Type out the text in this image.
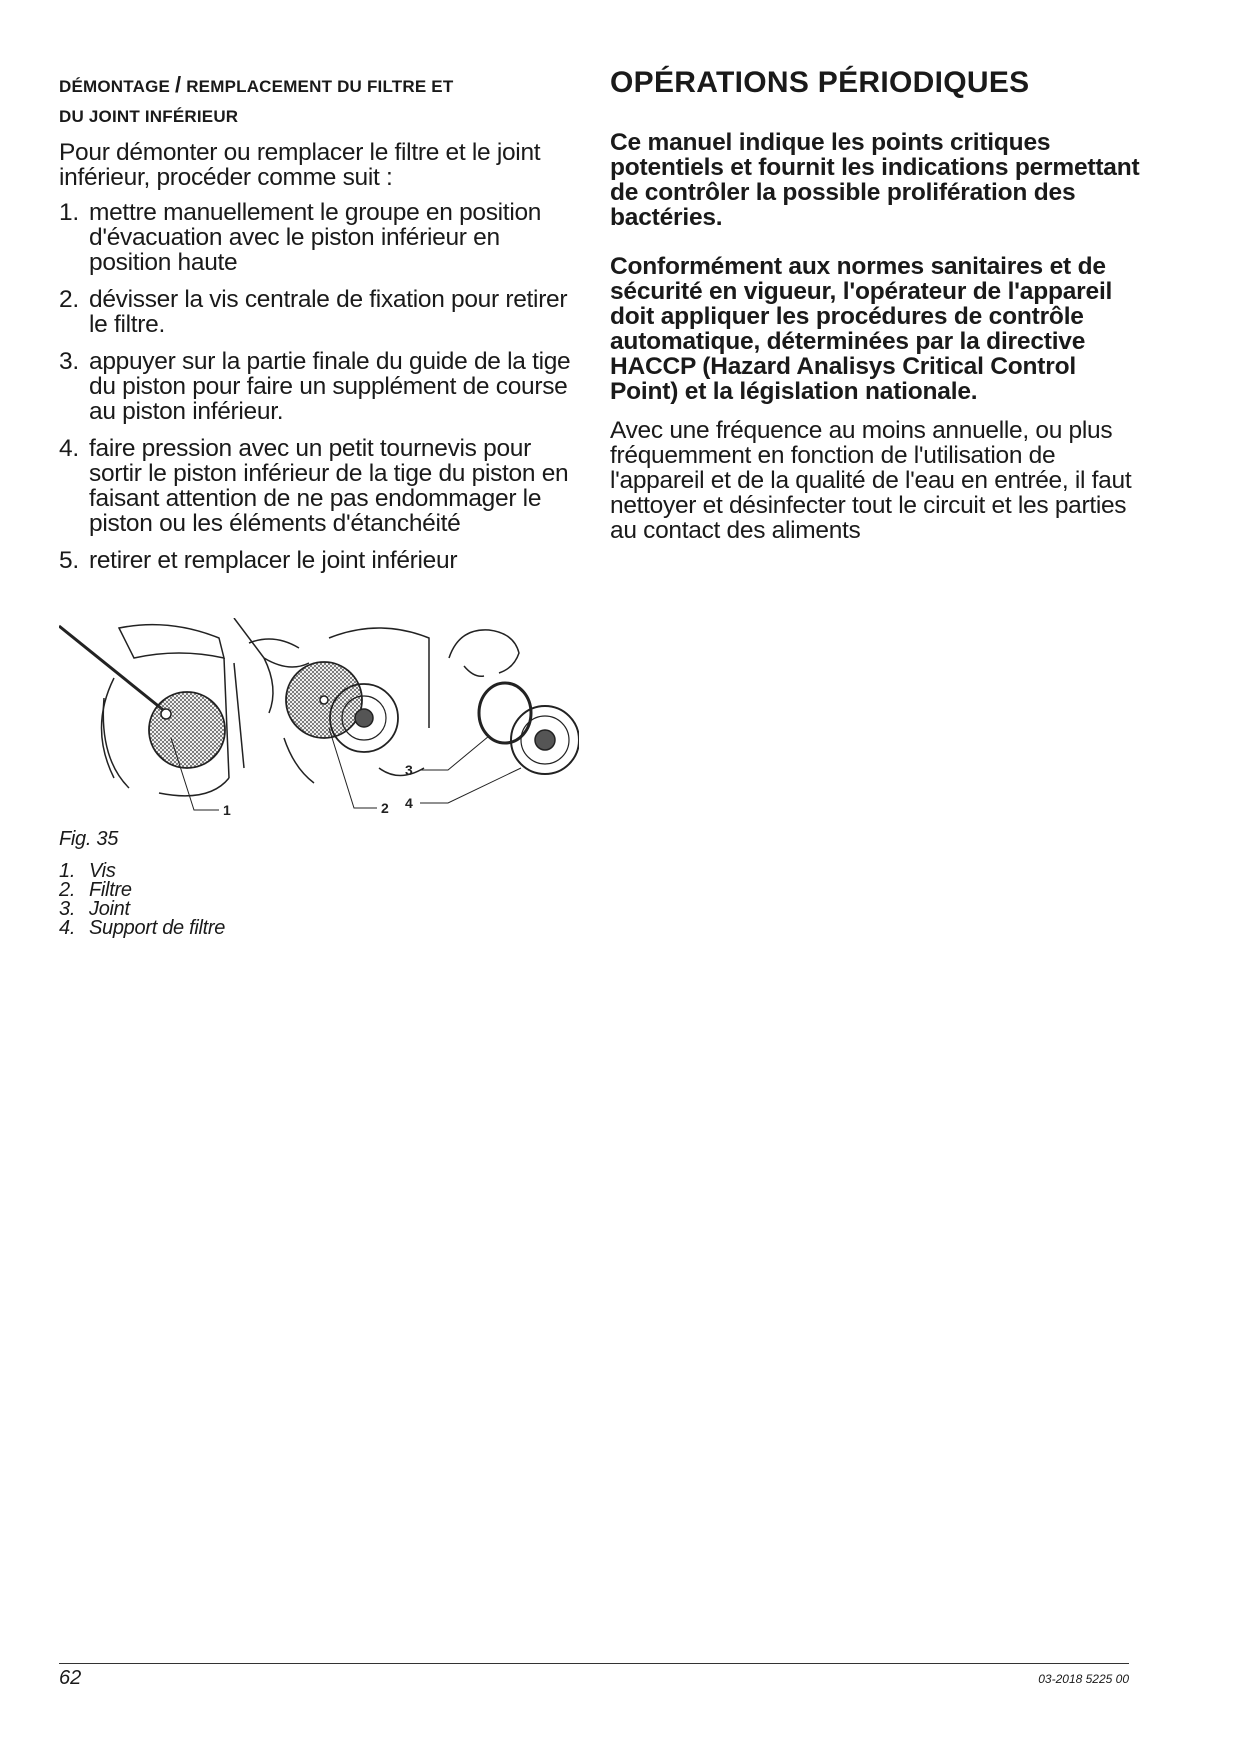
DÉMONTAGE / REMPLACEMENT DU FILTRE ET
DU JOINT INFÉRIEUR

Pour démonter ou remplacer le filtre et le joint inférieur, procéder comme suit :

1. mettre manuellement le groupe en position d'évacuation avec le piston inférieur en position haute
2. dévisser la vis centrale de fixation pour retirer le filtre.
3. appuyer sur la partie finale du guide de la tige du piston pour faire un supplément de course au piston inférieur.
4. faire pression avec un petit tournevis pour sortir le piston inférieur de la tige du piston en faisant attention de ne pas endommager le piston ou les éléments d'étanchéité
5. retirer et remplacer le joint inférieur
1	2
3
4
Fig. 35
1. Vis
2. Filtre
3. Joint
4. Support de filtre
OPÉRATIONS PÉRIODIQUES

Ce manuel indique les points critiques potentiels et fournit les indications permettant de contrôler la possible prolifération des bactéries.

Conformément aux normes sanitaires et de sécurité en vigueur, l'opérateur de l'appareil doit appliquer les procédures de contrôle automatique, déterminées par la directive HACCP (Hazard Analisys Critical Control Point) et la législation nationale.

Avec une fréquence au moins annuelle, ou plus fréquemment en fonction de l'utilisation de l'appareil et de la qualité de l'eau en entrée, il faut nettoyer et désinfecter tout le circuit et les parties au contact des aliments

62	03-2018 5225 00
